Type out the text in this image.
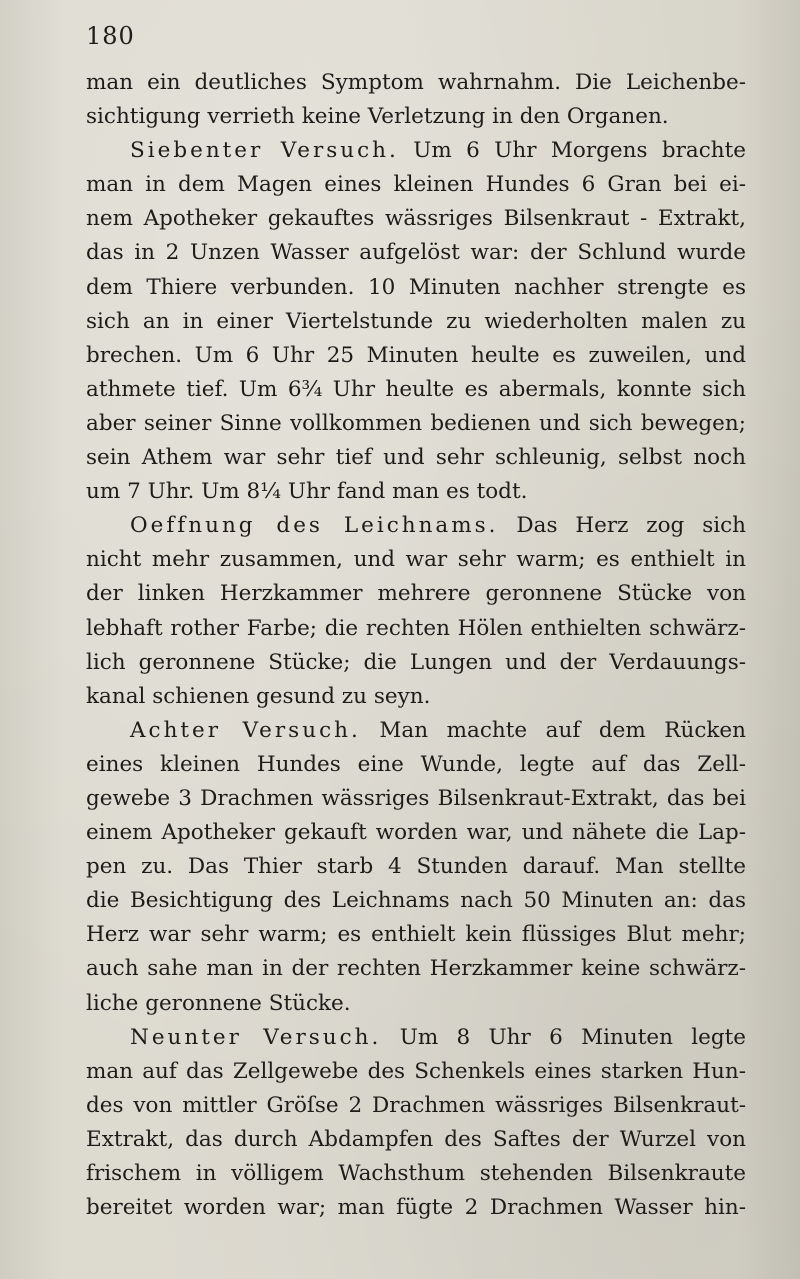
180
man ein deutliches Symptom wahrnahm. Die Leichenbe-
sichtigung verrieth keine Verletzung in den Organen.
Siebenter Versuch. Um 6 Uhr Morgens brachte
man in dem Magen eines kleinen Hundes 6 Gran bei ei-
nem Apotheker gekauftes wässriges Bilsenkraut - Extrakt,
das in 2 Unzen Wasser aufgelöst war: der Schlund wurde
dem Thiere verbunden. 10 Minuten nachher strengte es
sich an in einer Viertelstunde zu wiederholten malen zu
brechen. Um 6 Uhr 25 Minuten heulte es zuweilen, und
athmete tief. Um 6¾ Uhr heulte es abermals, konnte sich
aber seiner Sinne vollkommen bedienen und sich bewegen;
sein Athem war sehr tief und sehr schleunig, selbst noch
um 7 Uhr. Um 8¼ Uhr fand man es todt.
Oeffnung des Leichnams. Das Herz zog sich
nicht mehr zusammen, und war sehr warm; es enthielt in
der linken Herzkammer mehrere geronnene Stücke von
lebhaft rother Farbe; die rechten Hölen enthielten schwärz-
lich geronnene Stücke; die Lungen und der Verdauungs-
kanal schienen gesund zu seyn.
Achter Versuch. Man machte auf dem Rücken
eines kleinen Hundes eine Wunde, legte auf das Zell-
gewebe 3 Drachmen wässriges Bilsenkraut-Extrakt, das bei
einem Apotheker gekauft worden war, und nähete die Lap-
pen zu. Das Thier starb 4 Stunden darauf. Man stellte
die Besichtigung des Leichnams nach 50 Minuten an: das
Herz war sehr warm; es enthielt kein flüssiges Blut mehr;
auch sahe man in der rechten Herzkammer keine schwärz-
liche geronnene Stücke.
Neunter Versuch. Um 8 Uhr 6 Minuten legte
man auf das Zellgewebe des Schenkels eines starken Hun-
des von mittler Gröſse 2 Drachmen wässriges Bilsenkraut-
Extrakt, das durch Abdampfen des Saftes der Wurzel von
frischem in völligem Wachsthum stehenden Bilsenkraute
bereitet worden war; man fügte 2 Drachmen Wasser hin-
